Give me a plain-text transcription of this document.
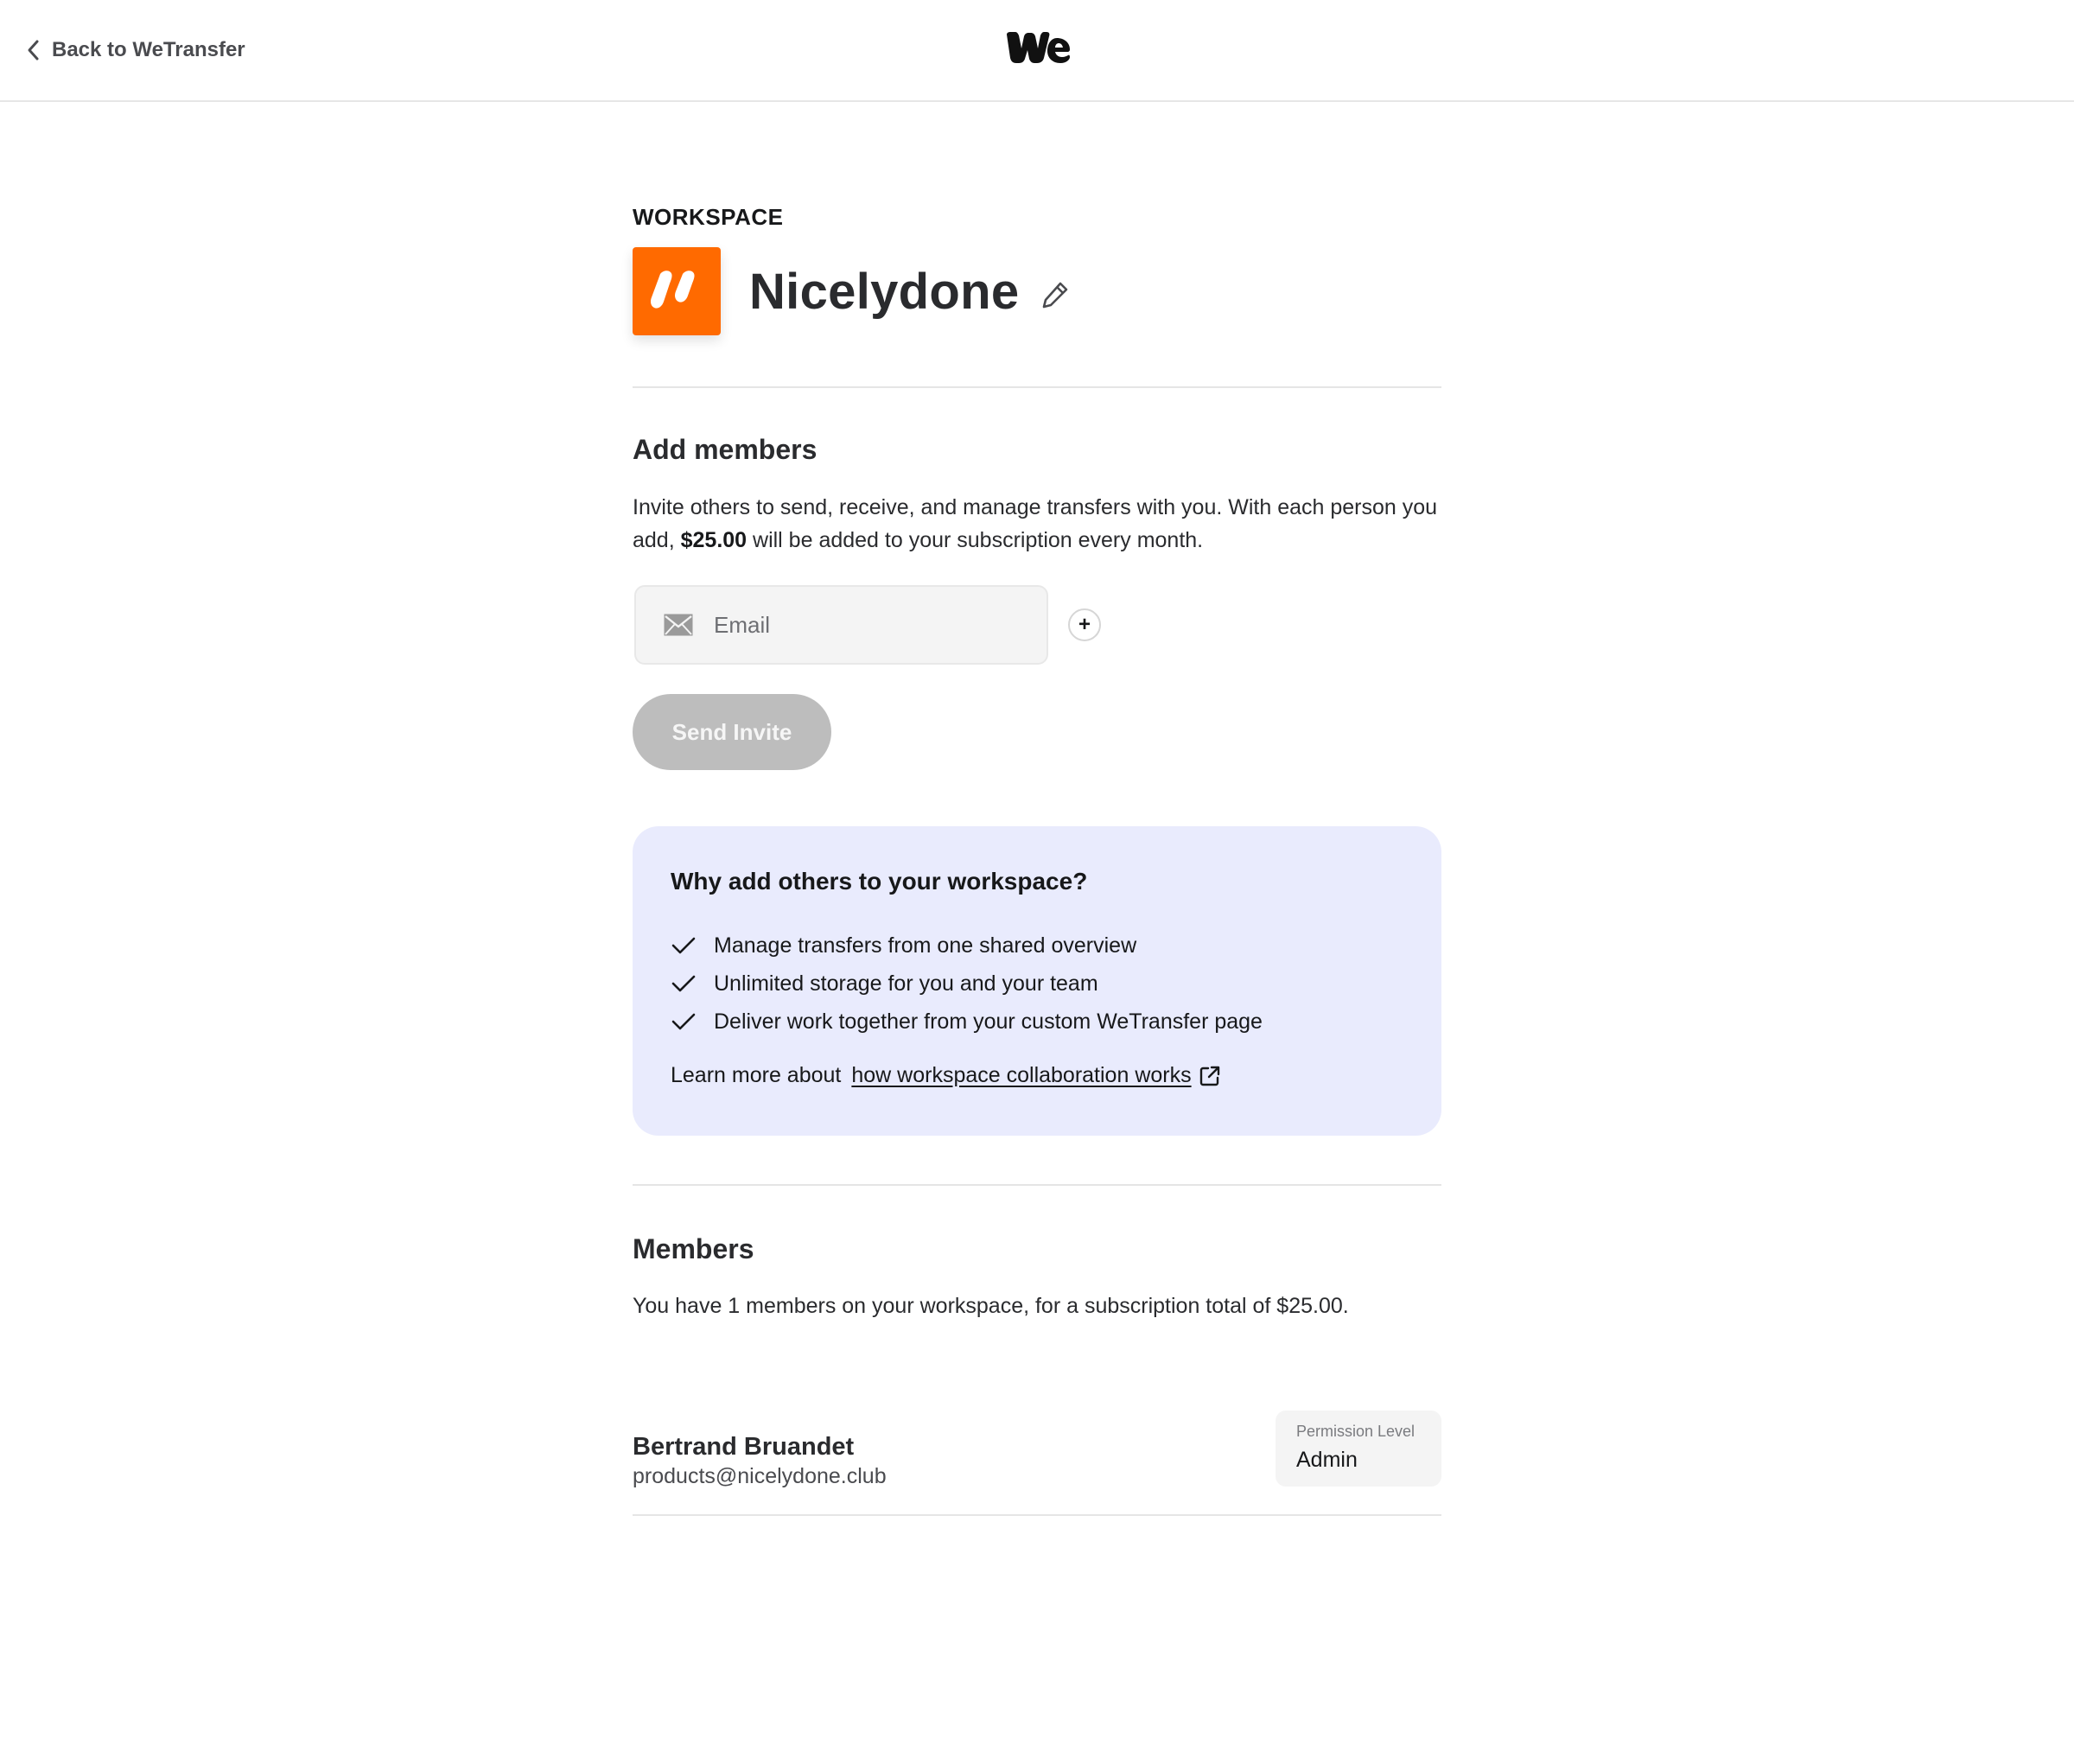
Back to WeTransfer
WORKSPACE
Nicelydone
Add members
Invite others to send, receive, and manage transfers with you. With each person you add, $25.00 will be added to your subscription every month.
Email
+
Send Invite
Why add others to your workspace?
Manage transfers from one shared overview
Unlimited storage for you and your team
Deliver work together from your custom WeTransfer page
Learn more about how workspace collaboration works
Members
You have 1 members on your workspace, for a subscription total of $25.00.
Bertrand Bruandet
products@nicelydone.club
Permission Level
Admin
